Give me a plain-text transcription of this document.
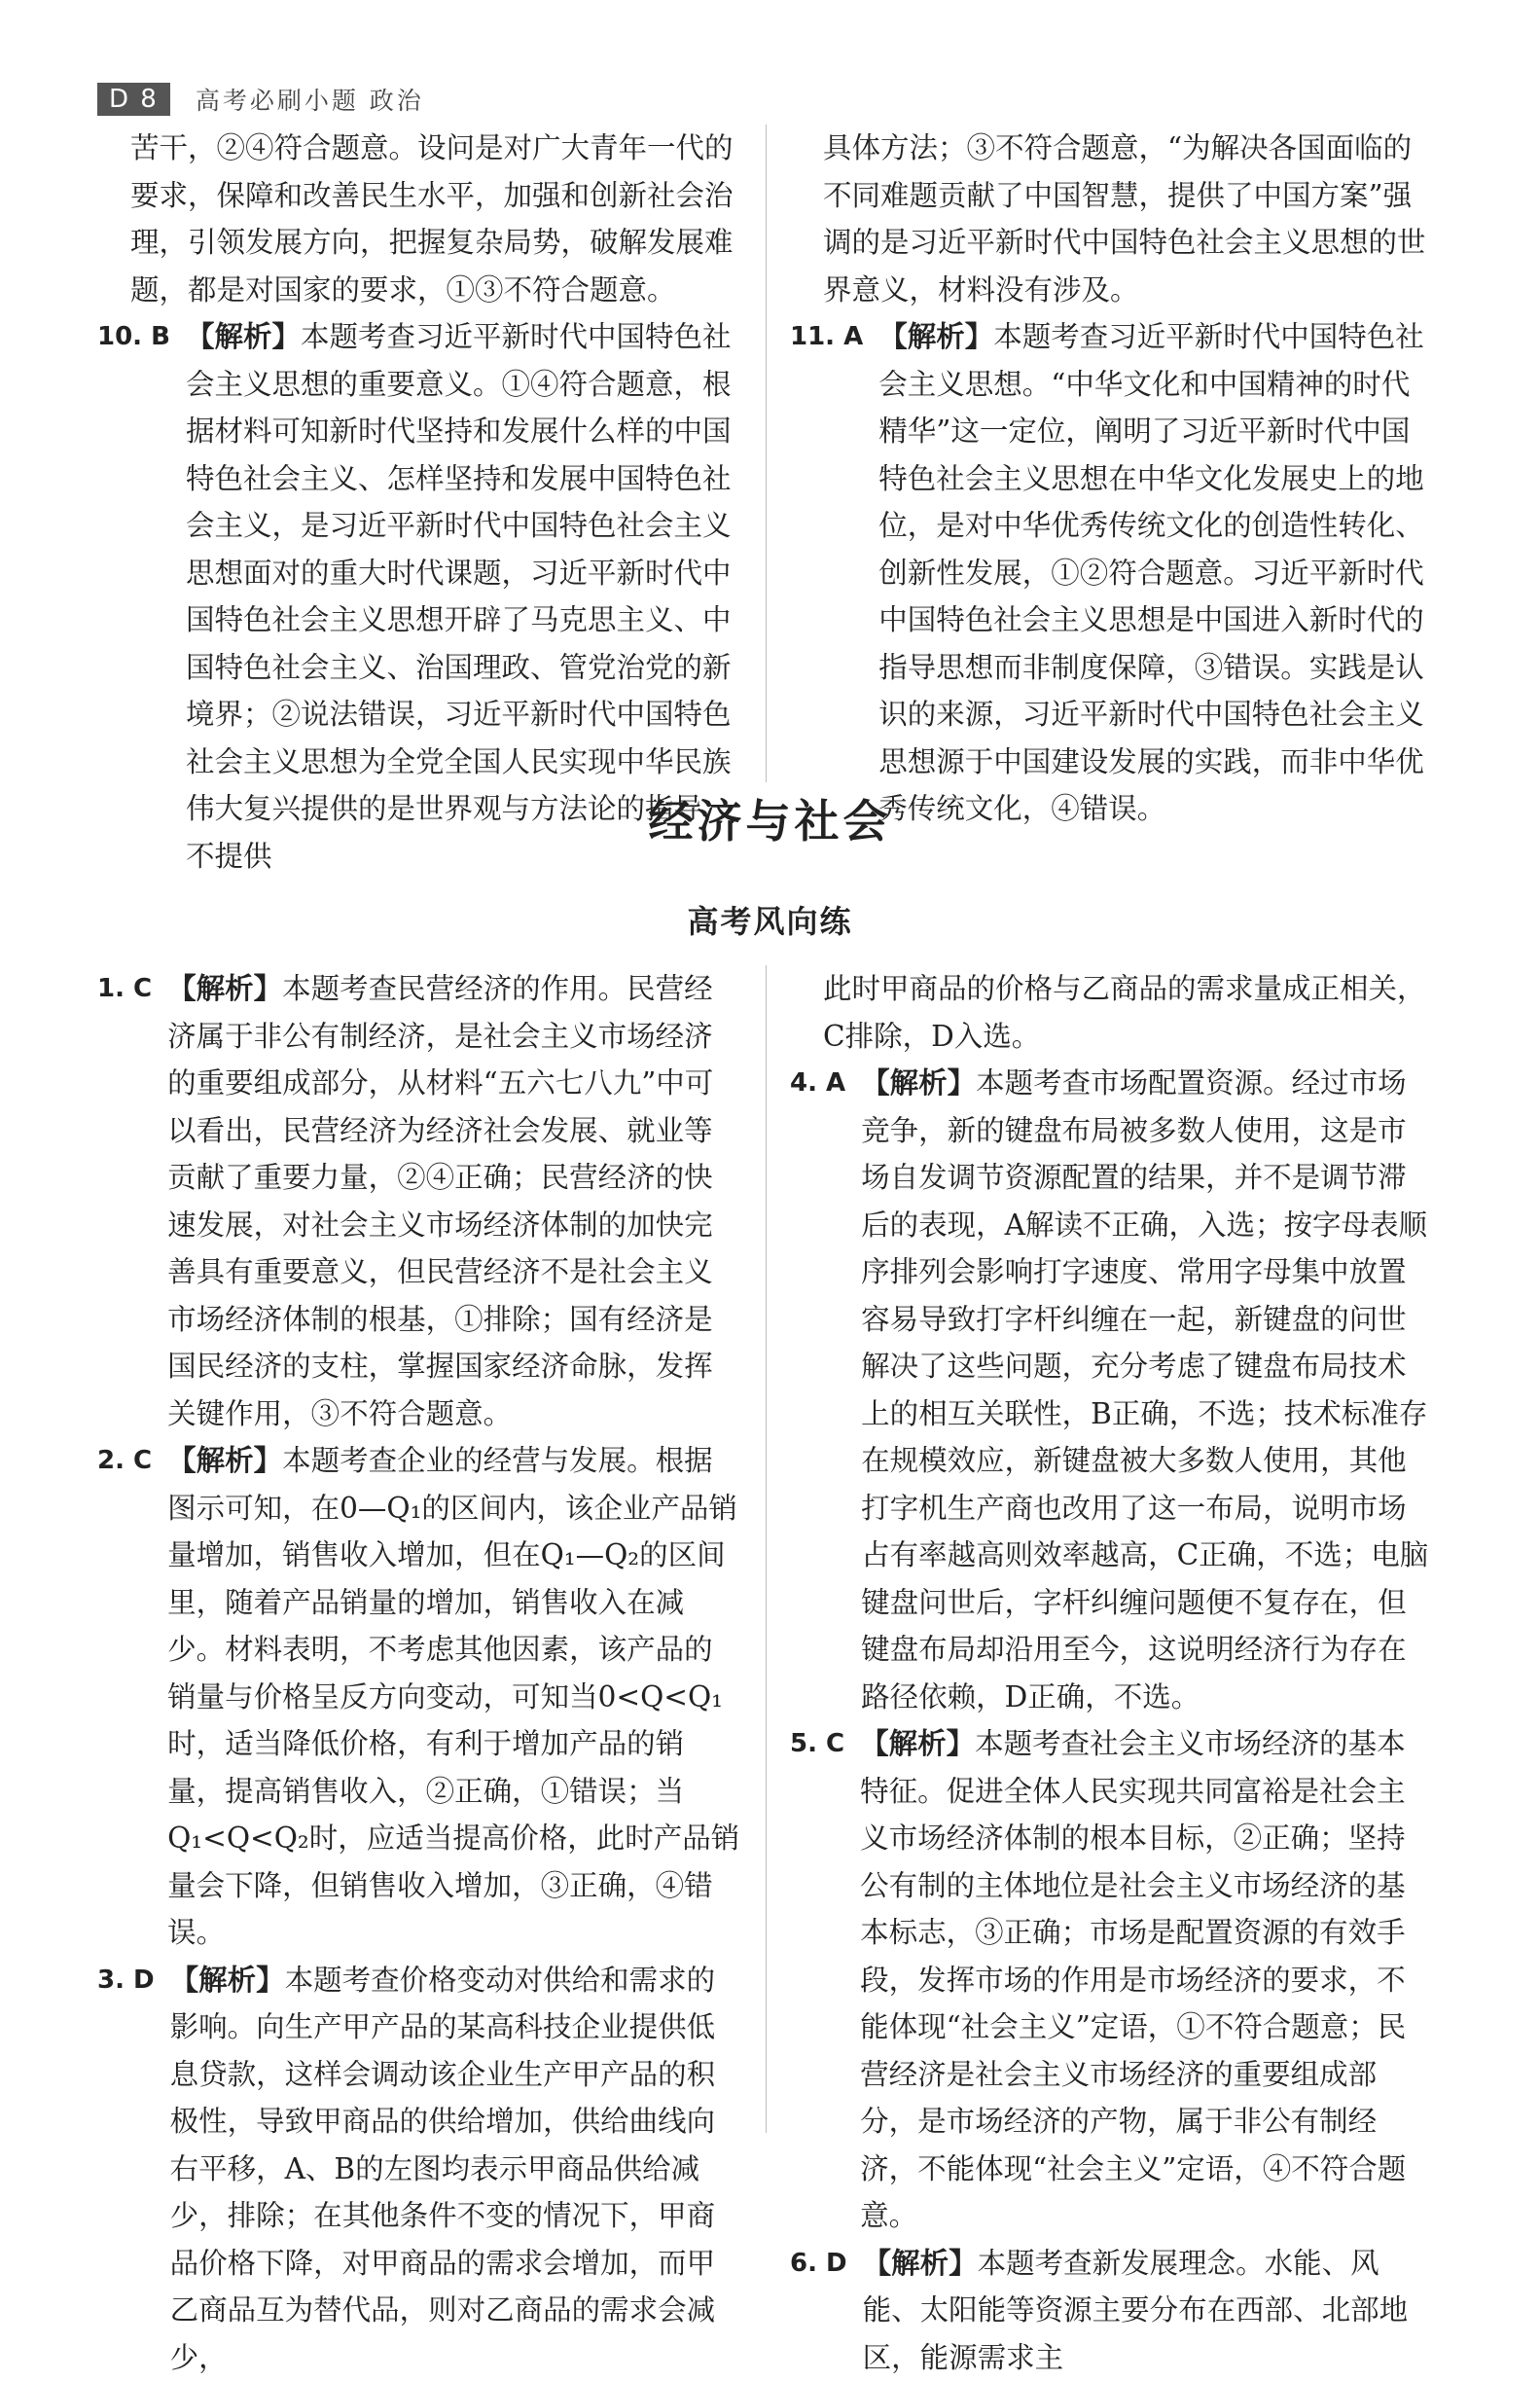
D 8	高考必刷小题 政治
苦干，②④符合题意。设问是对广大青年一代的要求，保障和改善民生水平，加强和创新社会治理，引领发展方向，把握复杂局势，破解发展难题，都是对国家的要求，①③不符合题意。
10. B 【解析】本题考查习近平新时代中国特色社会主义思想的重要意义。①④符合题意，根据材料可知新时代坚持和发展什么样的中国特色社会主义、怎样坚持和发展中国特色社会主义，是习近平新时代中国特色社会主义思想面对的重大时代课题，习近平新时代中国特色社会主义思想开辟了马克思主义、中国特色社会主义、治国理政、管党治党的新境界；②说法错误，习近平新时代中国特色社会主义思想为全党全国人民实现中华民族伟大复兴提供的是世界观与方法论的指导，不提供
具体方法；③不符合题意，“为解决各国面临的不同难题贡献了中国智慧，提供了中国方案”强调的是习近平新时代中国特色社会主义思想的世界意义，材料没有涉及。
11. A 【解析】本题考查习近平新时代中国特色社会主义思想。“中华文化和中国精神的时代精华”这一定位，阐明了习近平新时代中国特色社会主义思想在中华文化发展史上的地位，是对中华优秀传统文化的创造性转化、创新性发展，①②符合题意。习近平新时代中国特色社会主义思想是中国进入新时代的指导思想而非制度保障，③错误。实践是认识的来源，习近平新时代中国特色社会主义思想源于中国建设发展的实践，而非中华优秀传统文化，④错误。
经济与社会
高考风向练
1. C 【解析】本题考查民营经济的作用。民营经济属于非公有制经济，是社会主义市场经济的重要组成部分，从材料“五六七八九”中可以看出，民营经济为经济社会发展、就业等贡献了重要力量，②④正确；民营经济的快速发展，对社会主义市场经济体制的加快完善具有重要意义，但民营经济不是社会主义市场经济体制的根基，①排除；国有经济是国民经济的支柱，掌握国家经济命脉，发挥关键作用，③不符合题意。
2. C 【解析】本题考查企业的经营与发展。根据图示可知，在0—Q₁的区间内，该企业产品销量增加，销售收入增加，但在Q₁—Q₂的区间里，随着产品销量的增加，销售收入在减少。材料表明，不考虑其他因素，该产品的销量与价格呈反方向变动，可知当0<Q<Q₁时，适当降低价格，有利于增加产品的销量，提高销售收入，②正确，①错误；当Q₁<Q<Q₂时，应适当提高价格，此时产品销量会下降，但销售收入增加，③正确，④错误。
3. D 【解析】本题考查价格变动对供给和需求的影响。向生产甲产品的某高科技企业提供低息贷款，这样会调动该企业生产甲产品的积极性，导致甲商品的供给增加，供给曲线向右平移，A、B的左图均表示甲商品供给减少，排除；在其他条件不变的情况下，甲商品价格下降，对甲商品的需求会增加，而甲乙商品互为替代品，则对乙商品的需求会减少，
此时甲商品的价格与乙商品的需求量成正相关，C排除，D入选。
4. A 【解析】本题考查市场配置资源。经过市场竞争，新的键盘布局被多数人使用，这是市场自发调节资源配置的结果，并不是调节滞后的表现，A解读不正确，入选；按字母表顺序排列会影响打字速度、常用字母集中放置容易导致打字杆纠缠在一起，新键盘的问世解决了这些问题，充分考虑了键盘布局技术上的相互关联性，B正确，不选；技术标准存在规模效应，新键盘被大多数人使用，其他打字机生产商也改用了这一布局，说明市场占有率越高则效率越高，C正确，不选；电脑键盘问世后，字杆纠缠问题便不复存在，但键盘布局却沿用至今，这说明经济行为存在路径依赖，D正确，不选。
5. C 【解析】本题考查社会主义市场经济的基本特征。促进全体人民实现共同富裕是社会主义市场经济体制的根本目标，②正确；坚持公有制的主体地位是社会主义市场经济的基本标志，③正确；市场是配置资源的有效手段，发挥市场的作用是市场经济的要求，不能体现“社会主义”定语，①不符合题意；民营经济是社会主义市场经济的重要组成部分，是市场经济的产物，属于非公有制经济，不能体现“社会主义”定语，④不符合题意。
6. D 【解析】本题考查新发展理念。水能、风能、太阳能等资源主要分布在西部、北部地区，能源需求主
